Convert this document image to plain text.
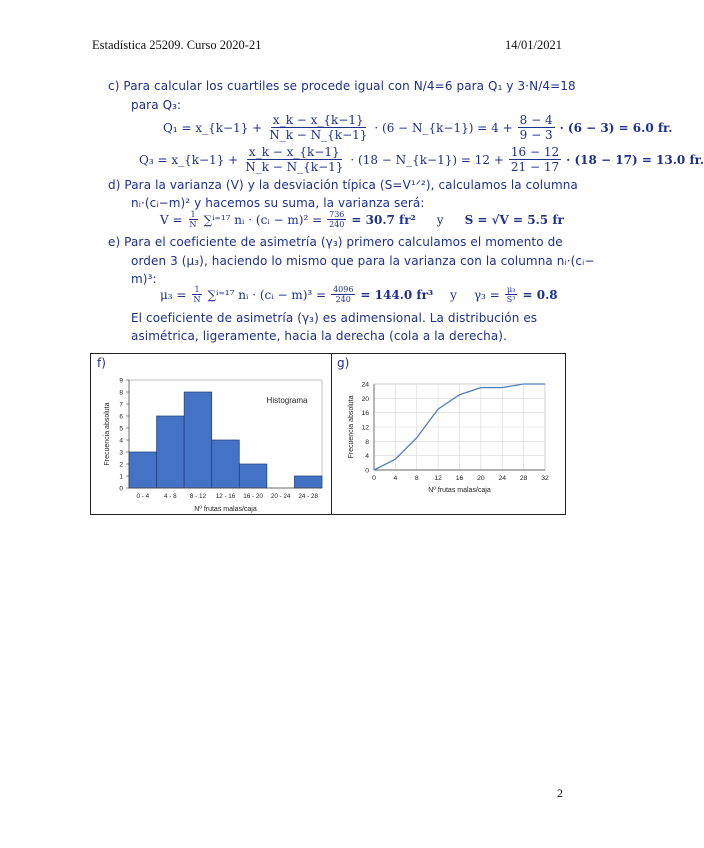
Estadística 25209. Curso 2020-21	14/01/2021
c) Para calcular los cuartiles se procede igual con N/4=6 para Q₁ y 3·N/4=18
para Q₃:
Q₁ = x_{k−1} + $\frac{x\_k - x\_\{k-1\}}{N\_k - N\_\{k-1\}} \cdot (6$ − N_{k−1}) = $4 + \frac{8 - 4}{9 - 3} \cdot (6 - 3) = 6.0$ fr.
Q₃ = x_{k−1} + $\frac{x\_k - x\_\{k-1\}}{N\_k - N\_\{k-1\}} \cdot (18$ − N_{k−1}) = $12 + \frac{16 - 12}{21 - 17} \cdot (18 - 17) = 13.0$ fr.
d) Para la varianza (V) y la desviación típica (S=V¹ᐟ²), calculamos la columna
nᵢ·(cᵢ−m)² y hacemos su suma, la varianza será:
$V = \frac{1}{N} \sum^{i=17}$ nᵢ · (cᵢ − $m)^2 = \frac{736}{240} = 30.7$ fr² y S = √V = 5.5 fr
e) Para el coeficiente de asimetría (γ₃) primero calculamos el momento de
orden 3 (μ₃), haciendo lo mismo que para la varianza con la columna nᵢ·(cᵢ−
m)³:
$\mu_3 = \frac{1}{N} \sum^{i=17}$ nᵢ · (cᵢ − $m)^3 = \frac{4096}{240} = 144.0$ fr³ y $\gamma_3 = \frac{\text{μ₃}}{\text{S³}} = 0.8$
El coeficiente de asimetría (γ₃) es adimensional. La distribución es
asimétrica, ligeramente, hacia la derecha (cola a la derecha).
f)	g)
0
1
2
3
4
5
6
7
8
9
0 - 4 4 - 8 8 - 12 12 - 16 16 - 20 20 - 24 24 - 28
Histograma
Nº frutas malas/caja
Frecuencia absoluta
0	4	8 12 16 20 24 28 32
0
4
8
12
16
20
24
Nº frutas malas/caja
Frecuencia absoluta
2
